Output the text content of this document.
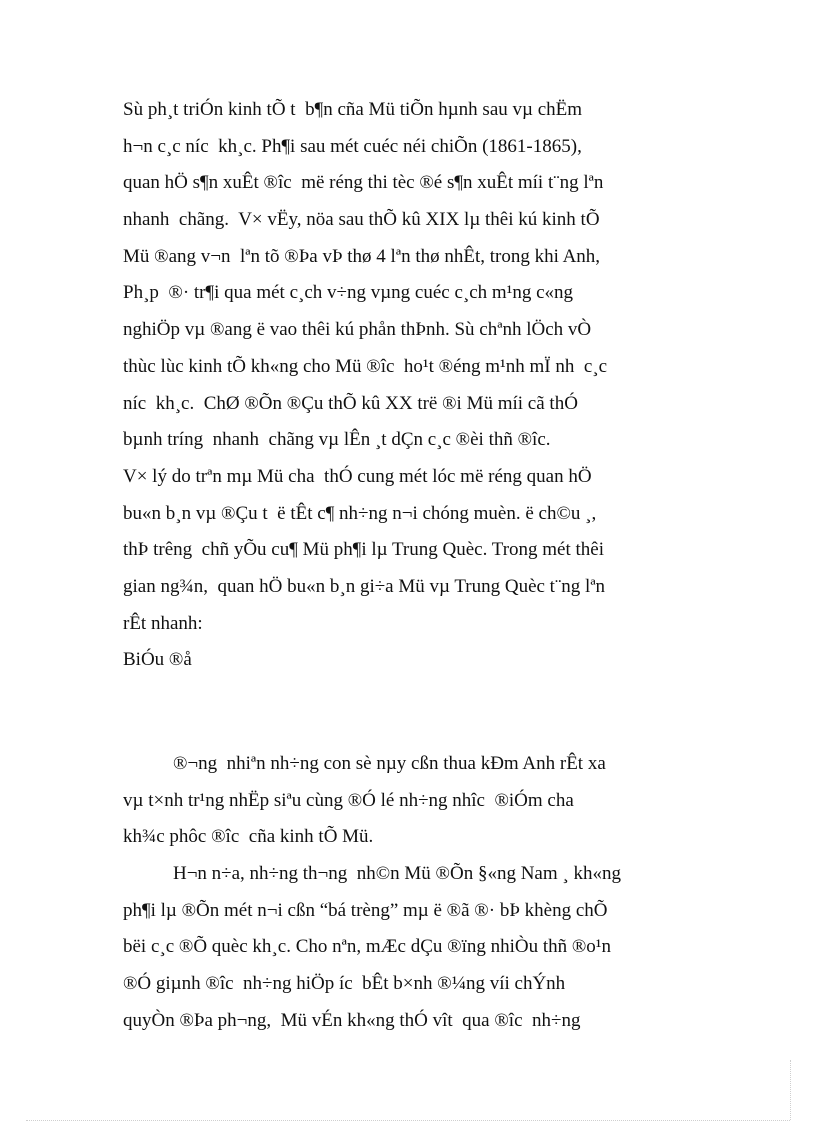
Sù ph¸t triÓn kinh tÕ t  b¶n cña Mü tiÕn hµnh sau vµ chËm
h¬n c¸c níc  kh¸c. Ph¶i sau mét cuéc néi chiÕn (1861-1865),
quan hÖ s¶n xuÊt ®îc  më réng thi tèc ®é s¶n xuÊt míi t¨ng lªn
nhanh  chãng.  V× vËy, nöa sau thÕ kû XIX lµ thêi kú kinh tÕ
Mü ®ang v¬n  lªn tõ ®Þa vÞ thø 4 lªn thø nhÊt, trong khi Anh,
Ph¸p  ®· tr¶i qua mét c¸ch v÷ng vµng cuéc c¸ch m¹ng c«ng
nghiÖp vµ ®ang ë vao thêi kú phån thÞnh. Sù chªnh lÖch vÒ
thùc lùc kinh tÕ kh«ng cho Mü ®îc  ho¹t ®éng m¹nh mÏ nh  c¸c
níc  kh¸c.  ChØ ®Õn ®Çu thÕ kû XX trë ®i Mü míi cã thÓ
bµnh tríng  nhanh  chãng vµ lÊn ¸t dÇn c¸c ®èi thñ ®îc.
V× lý do trªn mµ Mü cha  thÓ cung mét lóc më réng quan hÖ
bu«n b¸n vµ ®Çu t  ë tÊt c¶ nh÷ng n¬i chóng muèn. ë ch©u ¸,
thÞ trêng  chñ yÕu cu¶ Mü ph¶i lµ Trung Quèc. Trong mét thêi
gian ng¾n,  quan hÖ bu«n b¸n gi÷a Mü vµ Trung Quèc t¨ng lªn
rÊt nhanh:
BiÓu ®å
®¬ng  nhiªn nh÷ng con sè nµy cßn thua kÐm Anh rÊt xa
vµ t×nh tr¹ng nhËp siªu cùng ®Ó lé nh÷ng nhîc  ®iÓm cha
kh¾c phôc ®îc  cña kinh tÕ Mü.
H¬n n÷a, nh÷ng th¬ng  nh©n Mü ®Õn §«ng Nam ¸ kh«ng
ph¶i lµ ®Õn mét n¬i cßn “bá trèng” mµ ë ®ã ®· bÞ khèng chÕ
bëi c¸c ®Õ quèc kh¸c. Cho nªn, mÆc dÇu ®ïng nhiÒu thñ ®o¹n
®Ó giµnh ®îc  nh÷ng hiÖp íc  bÊt b×nh ®¼ng víi chÝnh
quyÒn ®Þa ph¬ng,  Mü vÉn kh«ng thÓ vît  qua ®îc  nh÷ng
